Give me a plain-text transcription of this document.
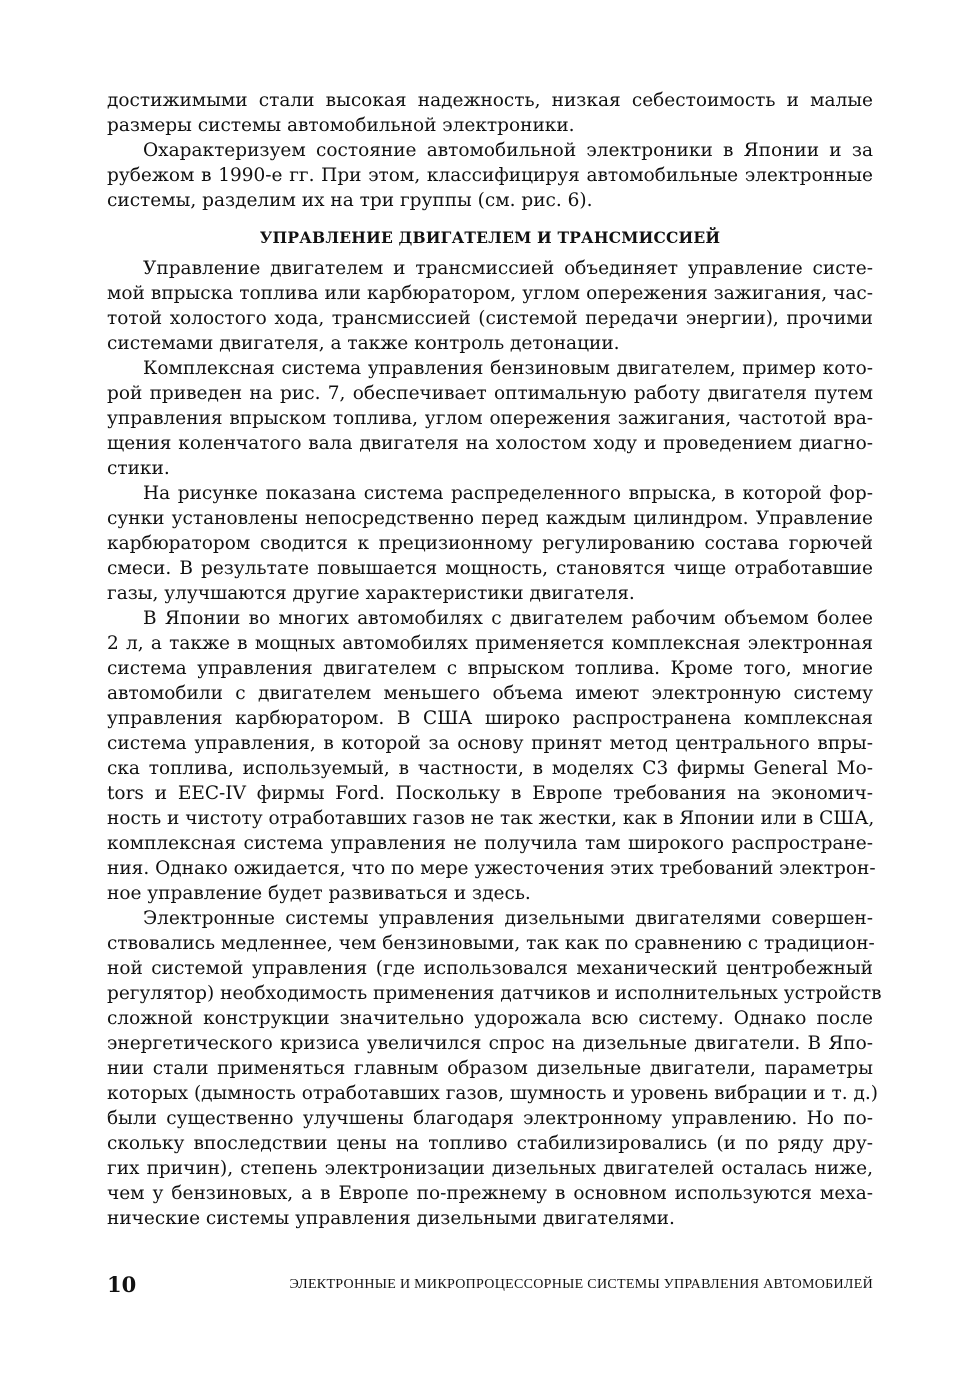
достижимыми стали высокая надежность, низкая себестоимость и малые
размеры системы автомобильной электроники.
Охарактеризуем состояние автомобильной электроники в Японии и за
рубежом в 1990-е гг. При этом, классифицируя автомобильные электронные
системы, разделим их на три группы (см. рис. 6).
УПРАВЛЕНИЕ ДВИГАТЕЛЕМ И ТРАНСМИССИЕЙ
Управление двигателем и трансмиссией объединяет управление систе-
мой впрыска топлива или карбюратором, углом опережения зажигания, час-
тотой холостого хода, трансмиссией (системой передачи энергии), прочими
системами двигателя, а также контроль детонации.
Комплексная система управления бензиновым двигателем, пример кото-
рой приведен на рис. 7, обеспечивает оптимальную работу двигателя путем
управления впрыском топлива, углом опережения зажигания, частотой вра-
щения коленчатого вала двигателя на холостом ходу и проведением диагно-
стики.
На рисунке показана система распределенного впрыска, в которой фор-
сунки установлены непосредственно перед каждым цилиндром. Управление
карбюратором сводится к прецизионному регулированию состава горючей
смеси. В результате повышается мощность, становятся чище отработавшие
газы, улучшаются другие характеристики двигателя.
В Японии во многих автомобилях с двигателем рабочим объемом более
2 л, а также в мощных автомобилях применяется комплексная электронная
система управления двигателем с впрыском топлива. Кроме того, многие
автомобили с двигателем меньшего объема имеют электронную систему
управления карбюратором. В США широко распространена комплексная
система управления, в которой за основу принят метод центрального впры-
ска топлива, используемый, в частности, в моделях С3 фирмы General Mo-
tors и EEC-IV фирмы Ford. Поскольку в Европе требования на экономич-
ность и чистоту отработавших газов не так жестки, как в Японии или в США,
комплексная система управления не получила там широкого распростране-
ния. Однако ожидается, что по мере ужесточения этих требований электрон-
ное управление будет развиваться и здесь.
Электронные системы управления дизельными двигателями совершен-
ствовались медленнее, чем бензиновыми, так как по сравнению с традицион-
ной системой управления (где использовался механический центробежный
регулятор) необходимость применения датчиков и исполнительных устройств
сложной конструкции значительно удорожала всю систему. Однако после
энергетического кризиса увеличился спрос на дизельные двигатели. В Япо-
нии стали применяться главным образом дизельные двигатели, параметры
которых (дымность отработавших газов, шумность и уровень вибрации и т. д.)
были существенно улучшены благодаря электронному управлению. Но по-
скольку впоследствии цены на топливо стабилизировались (и по ряду дру-
гих причин), степень электронизации дизельных двигателей осталась ниже,
чем у бензиновых, а в Европе по-прежнему в основном используются меха-
нические системы управления дизельными двигателями.
10	ЭЛЕКТРОННЫЕ И МИКРОПРОЦЕССОРНЫЕ СИСТЕМЫ УПРАВЛЕНИЯ АВТОМОБИЛЕЙ
